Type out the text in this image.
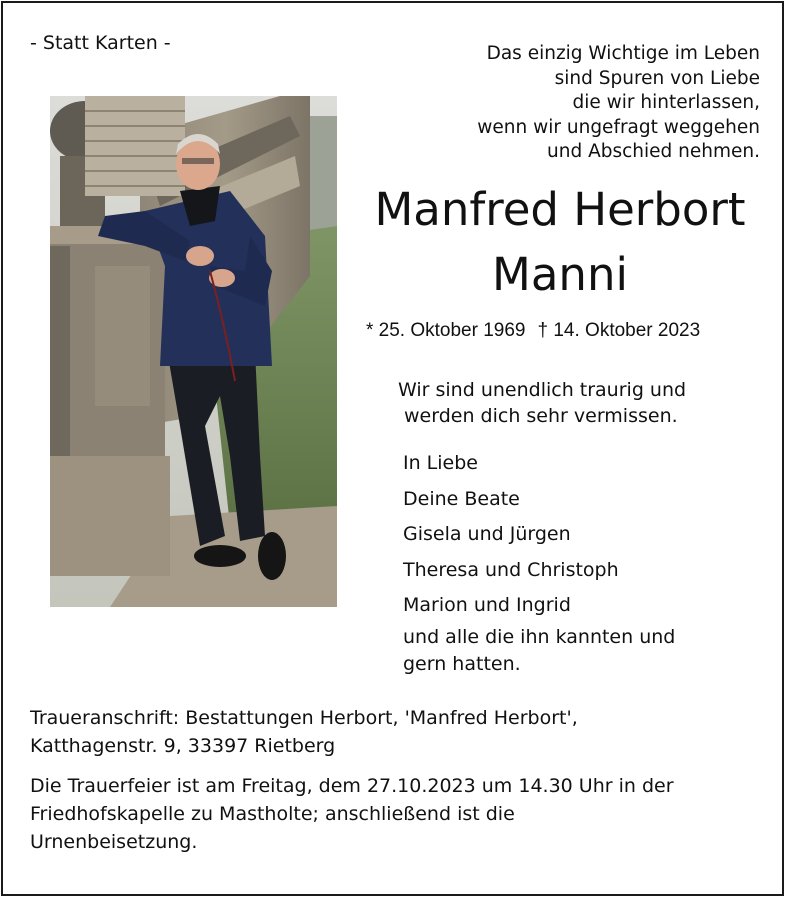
- Statt Karten -	Das einzig Wichtige im Leben
sind Spuren von Liebe
die wir hinterlassen,
wenn wir ungefragt weggehen
und Abschied nehmen.
Manfred Herbort
Manni
* 25. Oktober 1969 † 14. Oktober 2023
Wir sind unendlich traurig und
werden dich sehr vermissen.
In Liebe
Deine Beate
Gisela und Jürgen
Theresa und Christoph
Marion und Ingrid
und alle die ihn kannten und
gern hatten.
Traueranschrift: Bestattungen Herbort, 'Manfred Herbort',
Katthagenstr. 9, 33397 Rietberg
Die Trauerfeier ist am Freitag, dem 27.10.2023 um 14.30 Uhr in der
Friedhofskapelle zu Mastholte; anschließend ist die
Urnenbeisetzung.
